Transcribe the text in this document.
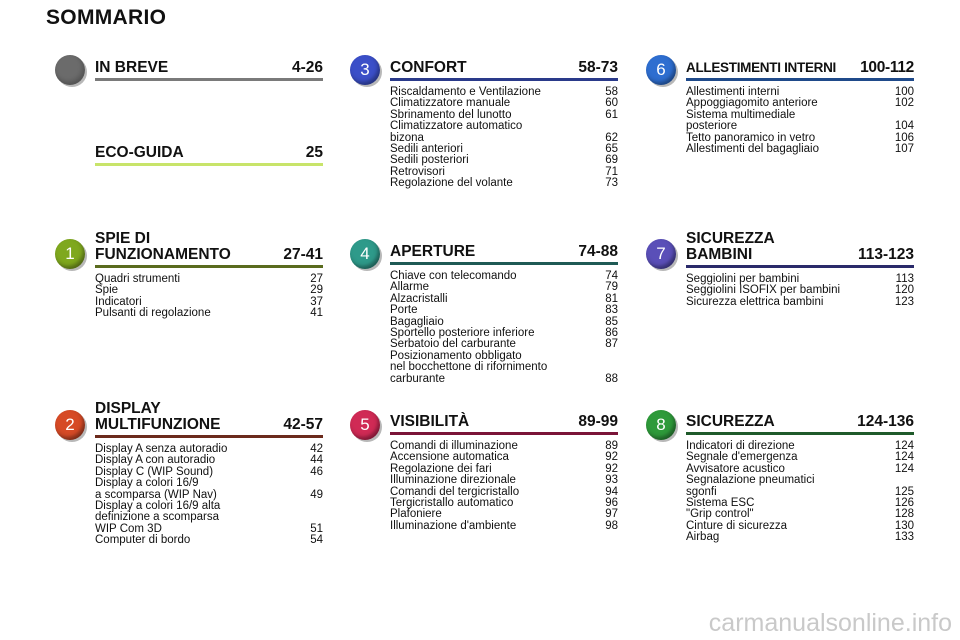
SOMMARIO
IN BREVE	4-26
ECO-GUIDA	25
1
SPIE DI
FUNZIONAMENTO	27-41
Quadri strumenti	27
Spie	29
Indicatori	37
Pulsanti di regolazione	41
2
DISPLAY
MULTIFUNZIONE	42-57
Display A senza autoradio	42
Display A con autoradio	44
Display C (WIP Sound)	46
Display a colori 16/9
a scomparsa (WIP Nav)	49
Display a colori 16/9 alta
definizione a scomparsa
WIP Com 3D	51
Computer di bordo	54
3	CONFORT	58-73
Riscaldamento e Ventilazione	58
Climatizzatore manuale	60
Sbrinamento del lunotto	61
Climatizzatore automatico
bizona	62
Sedili anteriori	65
Sedili posteriori	69
Retrovisori	71
Regolazione del volante	73
4	APERTURE	74-88
Chiave con telecomando	74
Allarme	79
Alzacristalli	81
Porte	83
Bagagliaio	85
Sportello posteriore inferiore	86
Serbatoio del carburante	87
Posizionamento obbligato
nel bocchettone di rifornimento
carburante	88
5	VISIBILITÀ	89-99
Comandi di illuminazione	89
Accensione automatica	92
Regolazione dei fari	92
Illuminazione direzionale	93
Comandi del tergicristallo	94
Tergicristallo automatico	96
Plafoniere	97
Illuminazione d'ambiente	98
6	ALLESTIMENTI INTERNI 100-112
Allestimenti interni	100
Appoggiagomito anteriore	102
Sistema multimediale
posteriore	104
Tetto panoramico in vetro	106
Allestimenti del bagagliaio	107
7
SICUREZZA
BAMBINI	113-123
Seggiolini per bambini	113
Seggiolini ISOFIX per bambini	120
Sicurezza elettrica bambini	123
8	SICUREZZA	124-136
Indicatori di direzione	124
Segnale d'emergenza	124
Avvisatore acustico	124
Segnalazione pneumatici
sgonfi	125
Sistema ESC	126
"Grip control"	128
Cinture di sicurezza	130
Airbag	133
carmanualsonline.info
